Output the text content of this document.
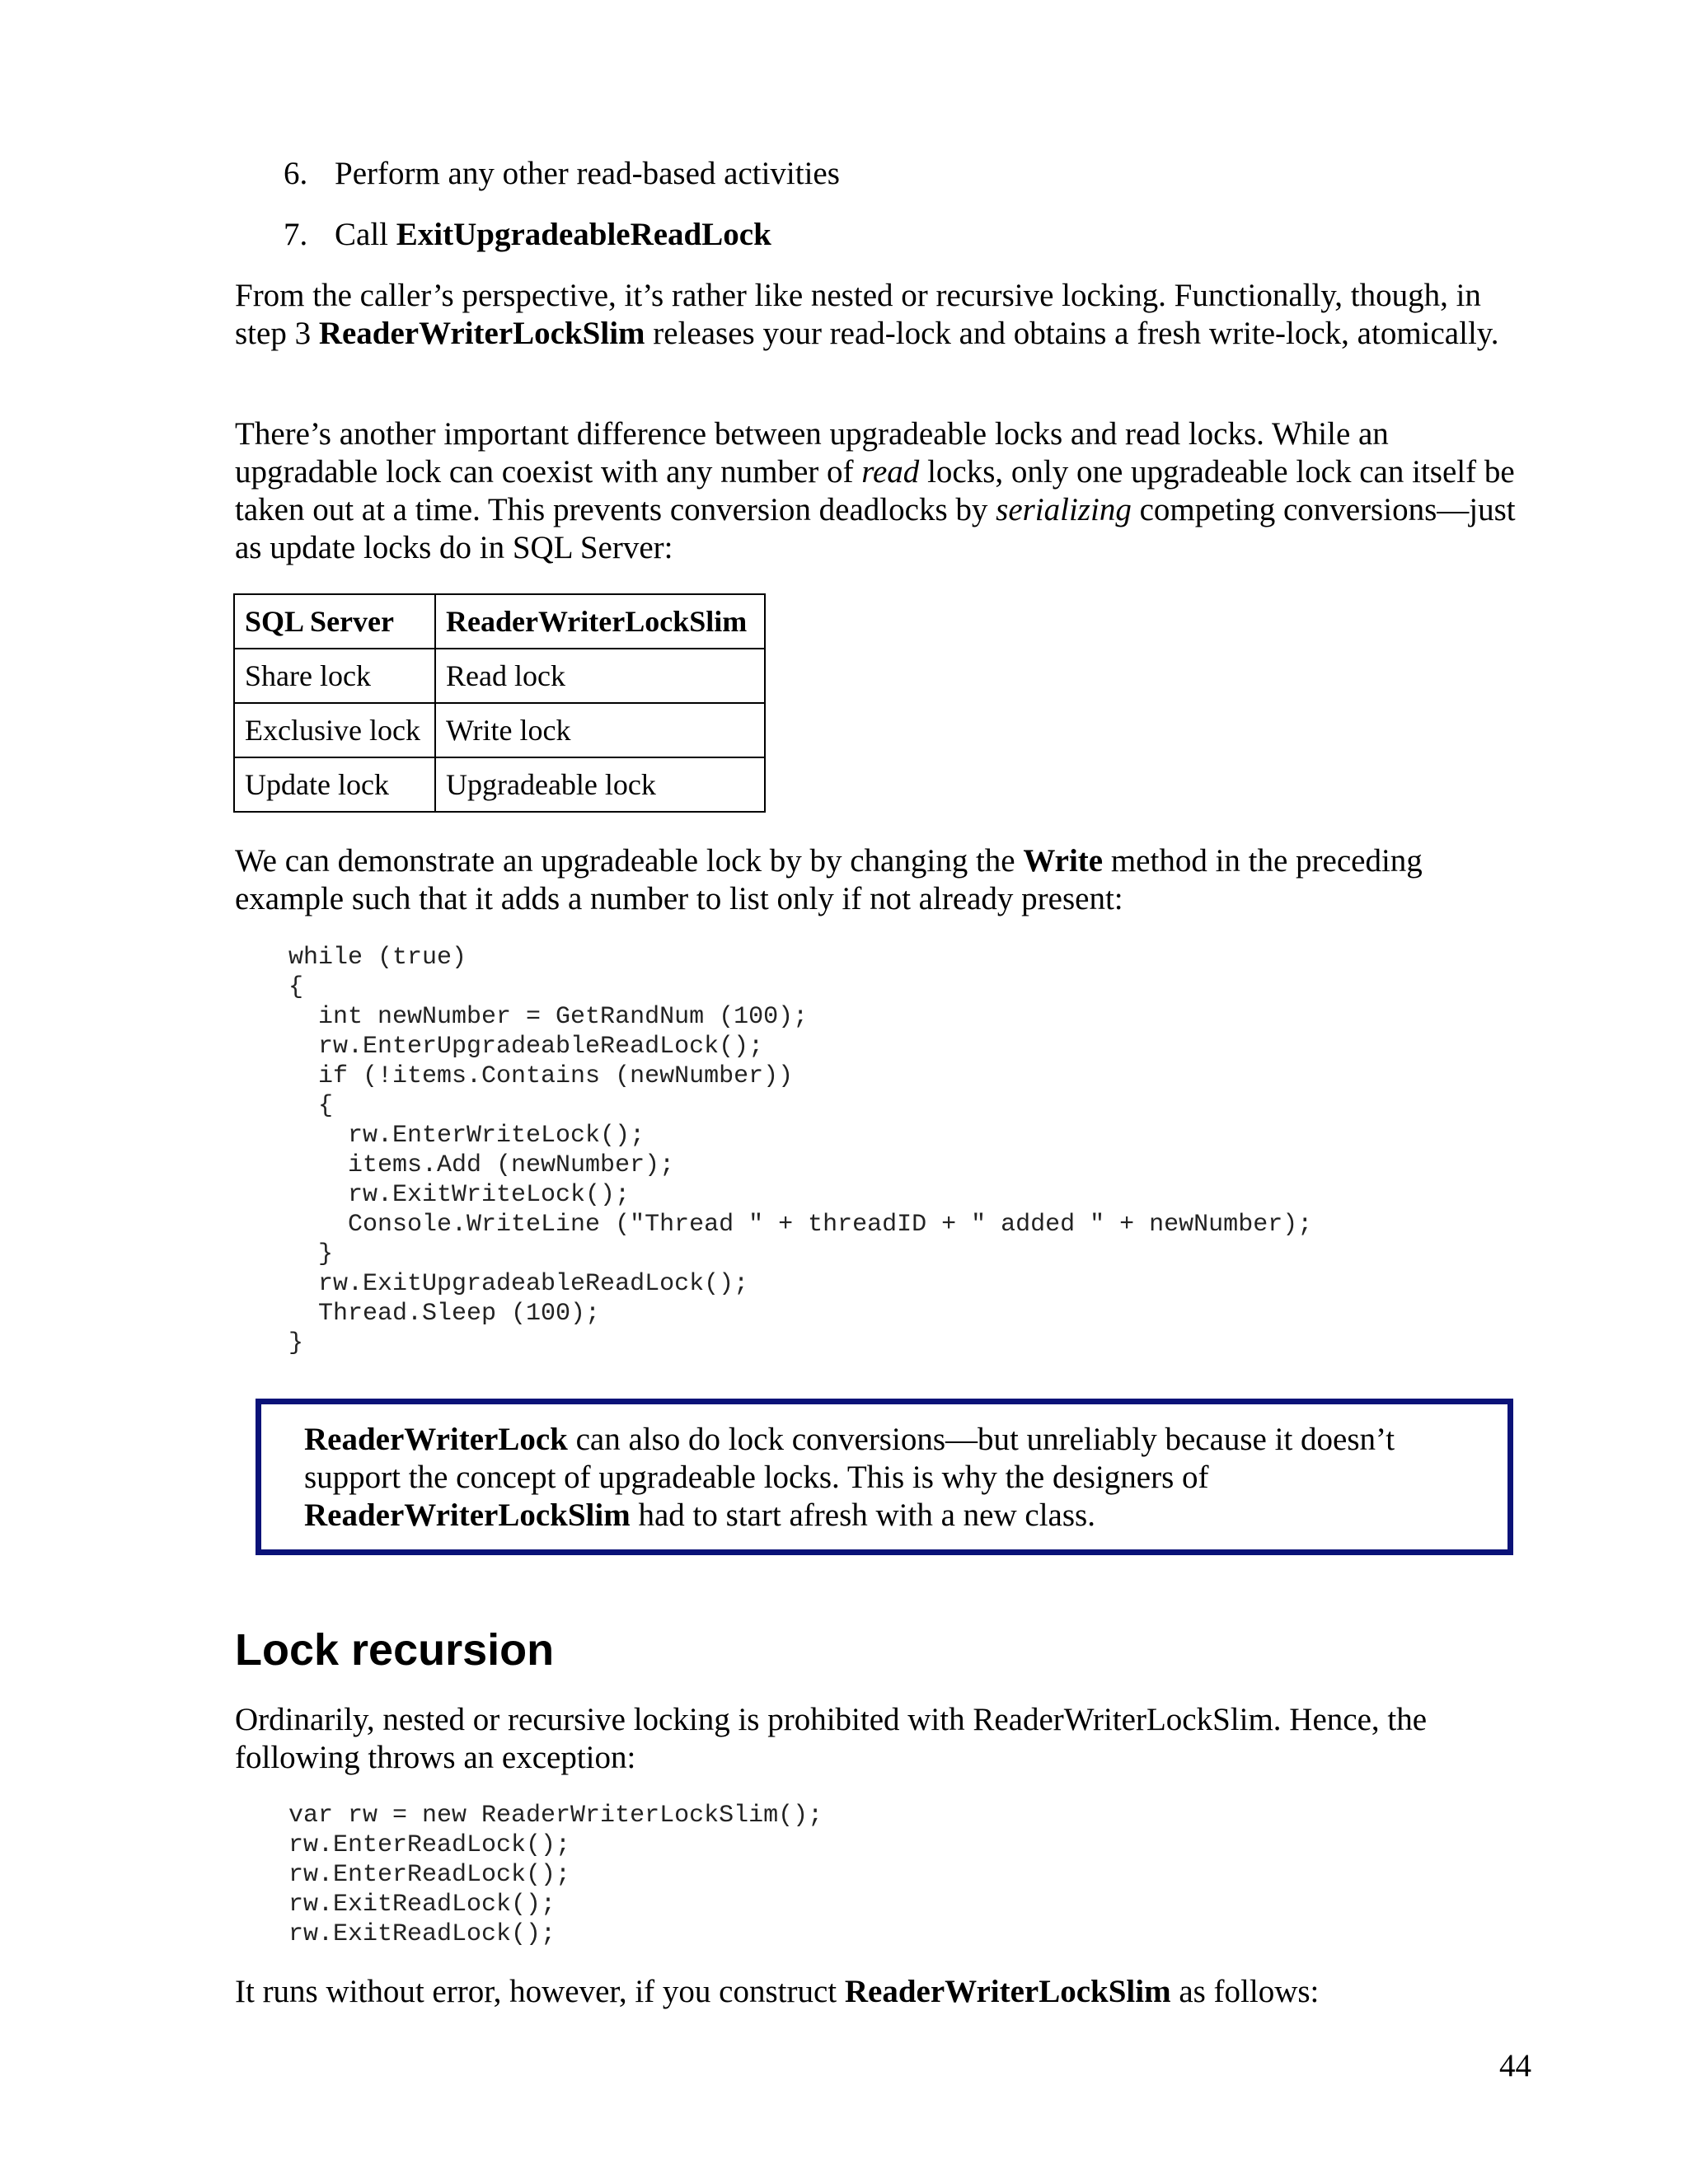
6. Perform any other read-based activities
7. Call ExitUpgradeableReadLock

From the caller’s perspective, it’s rather like nested or recursive locking. Functionally, though, in step 3 ReaderWriterLockSlim releases your read-lock and obtains a fresh write-lock, atomically.

There’s another important difference between upgradeable locks and read locks. While an upgradable lock can coexist with any number of read locks, only one upgradeable lock can itself be taken out at a time. This prevents conversion deadlocks by serializing competing conversions—just as update locks do in SQL Server:

SQL Server	ReaderWriterLockSlim
Share lock	Read lock
Exclusive lock	Write lock
Update lock	Upgradeable lock

We can demonstrate an upgradeable lock by by changing the Write method in the preceding example such that it adds a number to list only if not already present:

while (true)
{
int newNumber = GetRandNum (100);
rw.EnterUpgradeableReadLock();
if (!items.Contains (newNumber))
{
rw.EnterWriteLock();
items.Add (newNumber);
rw.ExitWriteLock();
Console.WriteLine ("Thread " + threadID + " added " + newNumber);
}
rw.ExitUpgradeableReadLock();
Thread.Sleep (100);
}

ReaderWriterLock can also do lock conversions—but unreliably because it doesn’t support the concept of upgradeable locks. This is why the designers of ReaderWriterLockSlim had to start afresh with a new class.

Lock recursion

Ordinarily, nested or recursive locking is prohibited with ReaderWriterLockSlim. Hence, the following throws an exception:

var rw = new ReaderWriterLockSlim();
rw.EnterReadLock();
rw.EnterReadLock();
rw.ExitReadLock();
rw.ExitReadLock();

It runs without error, however, if you construct ReaderWriterLockSlim as follows:

44
